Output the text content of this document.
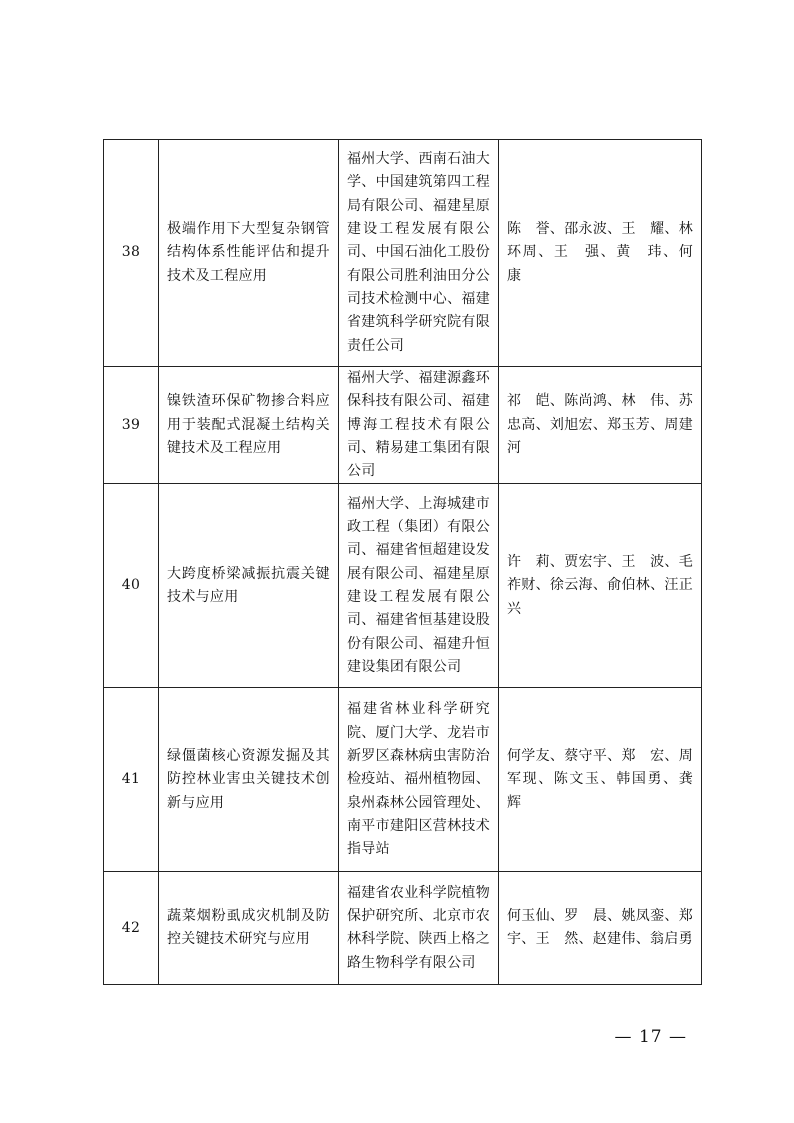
38	极端作用下大型复杂钢管结构体系性能评估和提升技术及工程应用	福州大学、西南石油大学、中国建筑第四工程局有限公司、福建星原建设工程发展有限公司、中国石油化工股份有限公司胜利油田分公司技术检测中心、福建省建筑科学研究院有限责任公司	陈　誉、邵永波、王　耀、林环周、王　强、黄　玮、何　康
39	镍铁渣环保矿物掺合料应用于装配式混凝土结构关键技术及工程应用	福州大学、福建源鑫环保科技有限公司、福建博海工程技术有限公司、精易建工集团有限公司	祁　皑、陈尚鸿、林　伟、苏忠高、刘旭宏、郑玉芳、周建河
40	大跨度桥梁减振抗震关键技术与应用	福州大学、上海城建市政工程（集团）有限公司、福建省恒超建设发展有限公司、福建星原建设工程发展有限公司、福建省恒基建设股份有限公司、福建升恒建设集团有限公司	许　莉、贾宏宇、王　波、毛祚财、徐云海、俞伯林、汪正兴
41	绿僵菌核心资源发掘及其防控林业害虫关键技术创新与应用	福建省林业科学研究院、厦门大学、龙岩市新罗区森林病虫害防治检疫站、福州植物园、泉州森林公园管理处、南平市建阳区营林技术指导站	何学友、蔡守平、郑　宏、周军现、陈文玉、韩国勇、龚　辉
42	蔬菜烟粉虱成灾机制及防控关键技术研究与应用	福建省农业科学院植物保护研究所、北京市农林科学院、陕西上格之路生物科学有限公司	何玉仙、罗　晨、姚凤銮、郑　宇、王　然、赵建伟、翁启勇
— 17 —
